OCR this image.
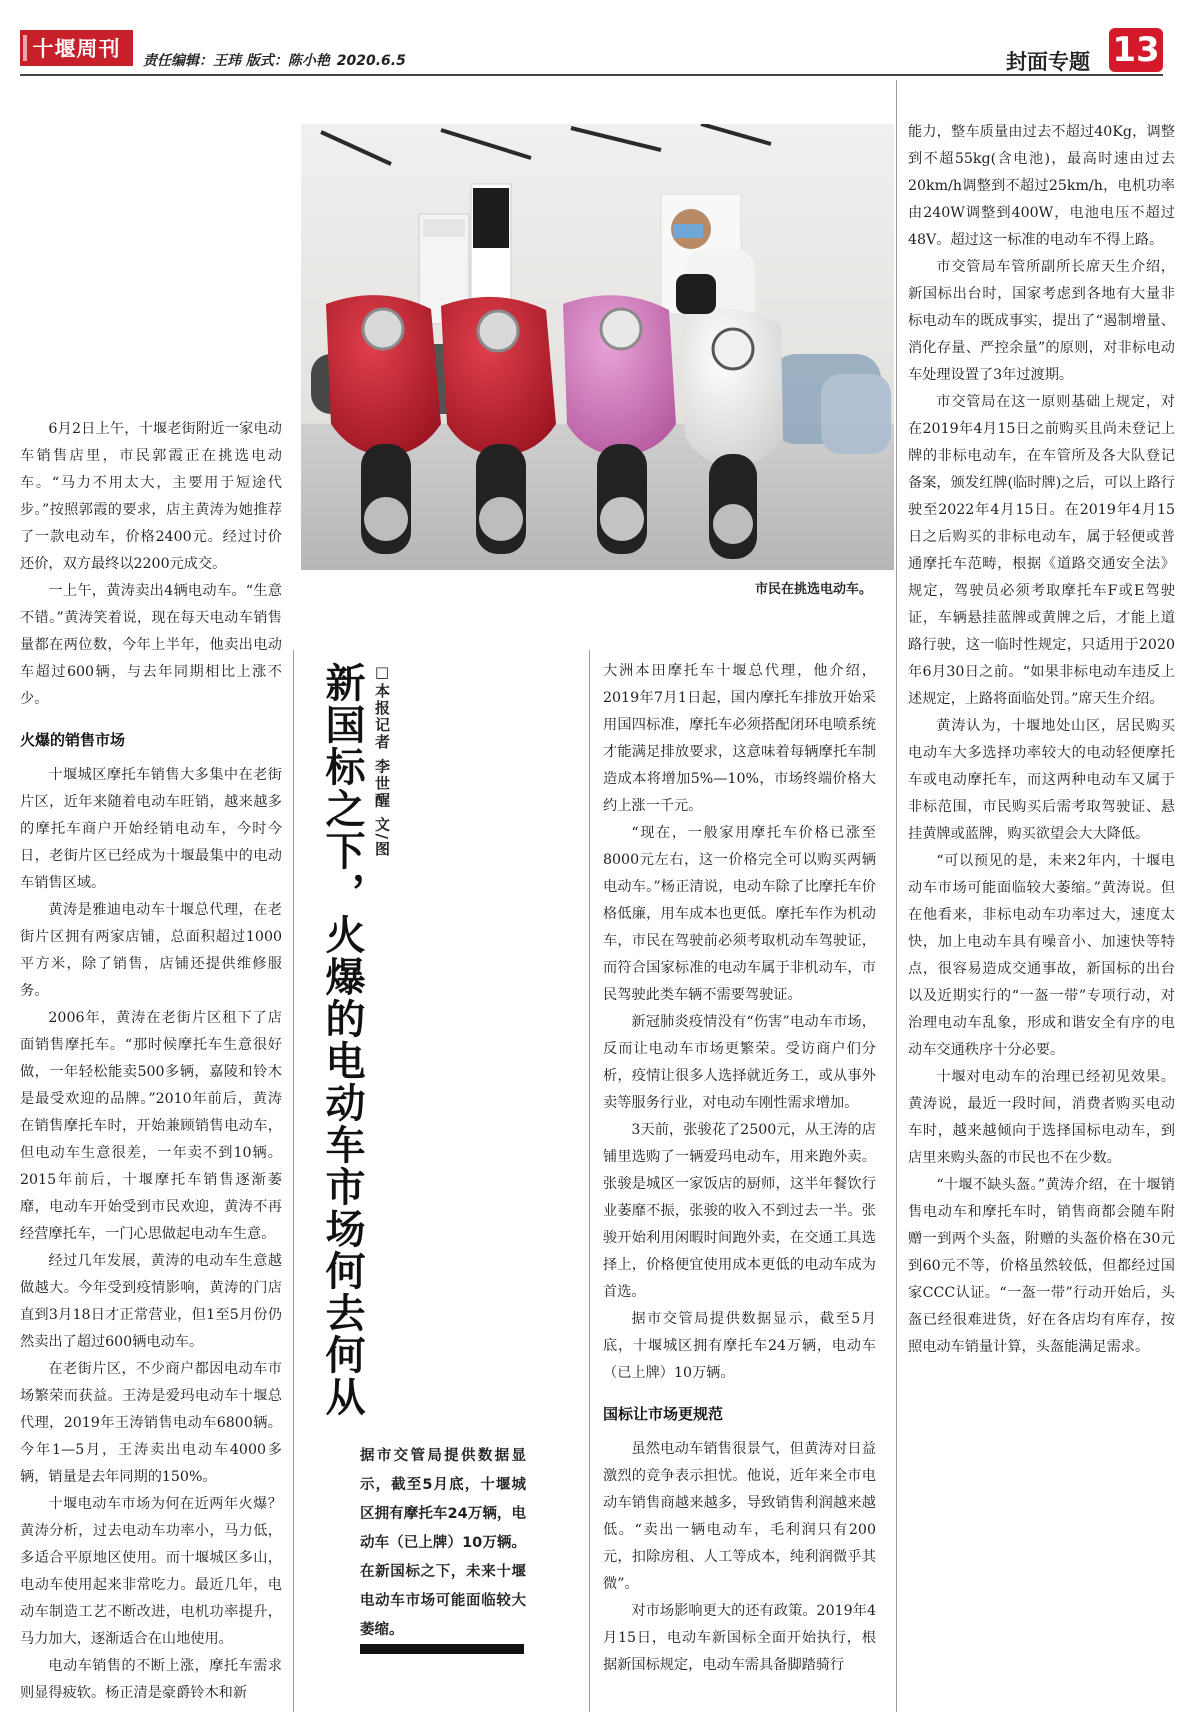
十堰周刊 责任编辑：王玮 版式：陈小艳 2020.6.5	封面专题 13
市民在挑选电动车。

6月2日上午，十堰老街附近一家电动车销售店里，市民郭霞正在挑选电动车。“马力不用太大，主要用于短途代步。”按照郭霞的要求，店主黄涛为她推荐了一款电动车，价格2400元。经过讨价还价，双方最终以2200元成交。

一上午，黄涛卖出4辆电动车。“生意不错。”黄涛笑着说，现在每天电动车销售量都在两位数，今年上半年，他卖出电动车超过600辆，与去年同期相比上涨不少。

火爆的销售市场

十堰城区摩托车销售大多集中在老街片区，近年来随着电动车旺销，越来越多的摩托车商户开始经销电动车，今时今日，老街片区已经成为十堰最集中的电动车销售区域。

黄涛是雅迪电动车十堰总代理，在老街片区拥有两家店铺，总面积超过1000平方米，除了销售，店铺还提供维修服务。

2006年，黄涛在老街片区租下了店面销售摩托车。“那时候摩托车生意很好做，一年轻松能卖500多辆，嘉陵和铃木是最受欢迎的品牌。”2010年前后，黄涛在销售摩托车时，开始兼顾销售电动车，但电动车生意很差，一年卖不到10辆。2015年前后，十堰摩托车销售逐渐萎靡，电动车开始受到市民欢迎，黄涛不再经营摩托车，一门心思做起电动车生意。

经过几年发展，黄涛的电动车生意越做越大。今年受到疫情影响，黄涛的门店直到3月18日才正常营业，但1至5月份仍然卖出了超过600辆电动车。

在老街片区，不少商户都因电动车市场繁荣而获益。王涛是爱玛电动车十堰总代理，2019年王涛销售电动车6800辆。今年1—5月，王涛卖出电动车4000多辆，销量是去年同期的150%。

十堰电动车市场为何在近两年火爆？黄涛分析，过去电动车功率小，马力低，多适合平原地区使用。而十堰城区多山，电动车使用起来非常吃力。最近几年，电动车制造工艺不断改进，电机功率提升，马力加大，逐渐适合在山地使用。

电动车销售的不断上涨，摩托车需求则显得疲软。杨正清是豪爵铃木和新

新国标之下，火爆的电动车市场何去何从 □本报记者 李世醒 文/图
据市交管局提供数据显示，截至5月底，十堰城区拥有摩托车24万辆，电动车（已上牌）10万辆。在新国标之下，未来十堰电动车市场可能面临较大萎缩。

大洲本田摩托车十堰总代理，他介绍，2019年7月1日起，国内摩托车排放开始采用国四标准，摩托车必须搭配闭环电喷系统才能满足排放要求，这意味着每辆摩托车制造成本将增加5%—10%，市场终端价格大约上涨一千元。

“现在，一般家用摩托车价格已涨至8000元左右，这一价格完全可以购买两辆电动车。”杨正清说，电动车除了比摩托车价格低廉，用车成本也更低。摩托车作为机动车，市民在驾驶前必须考取机动车驾驶证，而符合国家标准的电动车属于非机动车，市民驾驶此类车辆不需要驾驶证。

新冠肺炎疫情没有“伤害”电动车市场，反而让电动车市场更繁荣。受访商户们分析，疫情让很多人选择就近务工，或从事外卖等服务行业，对电动车刚性需求增加。

3天前，张骏花了2500元，从王涛的店铺里选购了一辆爱玛电动车，用来跑外卖。张骏是城区一家饭店的厨师，这半年餐饮行业萎靡不振，张骏的收入不到过去一半。张骏开始利用闲暇时间跑外卖，在交通工具选择上，价格便宜使用成本更低的电动车成为首选。

据市交管局提供数据显示，截至5月底，十堰城区拥有摩托车24万辆，电动车（已上牌）10万辆。

国标让市场更规范

虽然电动车销售很景气，但黄涛对日益激烈的竞争表示担忧。他说，近年来全市电动车销售商越来越多，导致销售利润越来越低。“卖出一辆电动车，毛利润只有200元，扣除房租、人工等成本，纯利润微乎其微”。

对市场影响更大的还有政策。2019年4月15日，电动车新国标全面开始执行，根据新国标规定，电动车需具备脚踏骑行

能力，整车质量由过去不超过40Kg，调整到不超55kg(含电池)，最高时速由过去20km/h调整到不超过25km/h，电机功率由240W调整到400W，电池电压不超过48V。超过这一标准的电动车不得上路。

市交管局车管所副所长席天生介绍，新国标出台时，国家考虑到各地有大量非标电动车的既成事实，提出了“遏制增量、消化存量、严控余量”的原则，对非标电动车处理设置了3年过渡期。

市交管局在这一原则基础上规定，对在2019年4月15日之前购买且尚未登记上牌的非标电动车，在车管所及各大队登记备案，颁发红牌(临时牌)之后，可以上路行驶至2022年4月15日。在2019年4月15日之后购买的非标电动车，属于轻便或普通摩托车范畴，根据《道路交通安全法》规定，驾驶员必须考取摩托车F或E驾驶证，车辆悬挂蓝牌或黄牌之后，才能上道路行驶，这一临时性规定，只适用于2020年6月30日之前。“如果非标电动车违反上述规定，上路将面临处罚。”席天生介绍。

黄涛认为，十堰地处山区，居民购买电动车大多选择功率较大的电动轻便摩托车或电动摩托车，而这两种电动车又属于非标范围，市民购买后需考取驾驶证、悬挂黄牌或蓝牌，购买欲望会大大降低。

“可以预见的是，未来2年内，十堰电动车市场可能面临较大萎缩。”黄涛说。但在他看来，非标电动车功率过大，速度太快，加上电动车具有噪音小、加速快等特点，很容易造成交通事故，新国标的出台以及近期实行的“一盔一带”专项行动，对治理电动车乱象，形成和谐安全有序的电动车交通秩序十分必要。

十堰对电动车的治理已经初见效果。黄涛说，最近一段时间，消费者购买电动车时，越来越倾向于选择国标电动车，到店里来购头盔的市民也不在少数。

“十堰不缺头盔。”黄涛介绍，在十堰销售电动车和摩托车时，销售商都会随车附赠一到两个头盔，附赠的头盔价格在30元到60元不等，价格虽然较低，但都经过国家CCC认证。“一盔一带”行动开始后，头盔已经很难进货，好在各店均有库存，按照电动车销量计算，头盔能满足需求。
